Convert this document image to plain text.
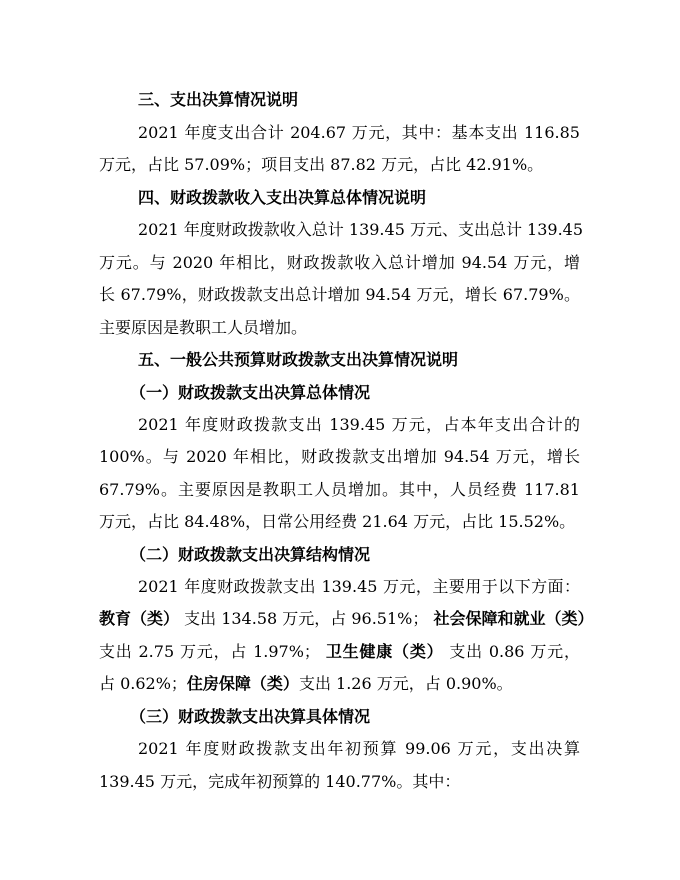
三、支出决算情况说明
2021 年度支出合计 204.67 万元，其中：基本支出 116.85
万元，占比 57.09%；项目支出 87.82 万元，占比 42.91%。
四、财政拨款收入支出决算总体情况说明
2021 年度财政拨款收入总计 139.45 万元、支出总计 139.45
万元。与 2020 年相比，财政拨款收入总计增加 94.54 万元，增
长 67.79%，财政拨款支出总计增加 94.54 万元，增长 67.79%。
主要原因是教职工人员增加。
五、一般公共预算财政拨款支出决算情况说明
（一）财政拨款支出决算总体情况
2021 年度财政拨款支出 139.45 万元，占本年支出合计的
100%。与 2020 年相比，财政拨款支出增加 94.54 万元，增长
67.79%。主要原因是教职工人员增加。其中，人员经费 117.81
万元，占比 84.48%，日常公用经费 21.64 万元，占比 15.52%。
（二）财政拨款支出决算结构情况
2021 年度财政拨款支出 139.45 万元，主要用于以下方面：
教育（类） 支出 134.58 万元，占 96.51%； 社会保障和就业（类）
支出 2.75 万元，占 1.97%； 卫生健康（类） 支出 0.86 万元，
占 0.62%；住房保障（类）支出 1.26 万元，占 0.90%。
（三）财政拨款支出决算具体情况
2021 年度财政拨款支出年初预算 99.06 万元，支出决算
139.45 万元，完成年初预算的 140.77%。其中：
